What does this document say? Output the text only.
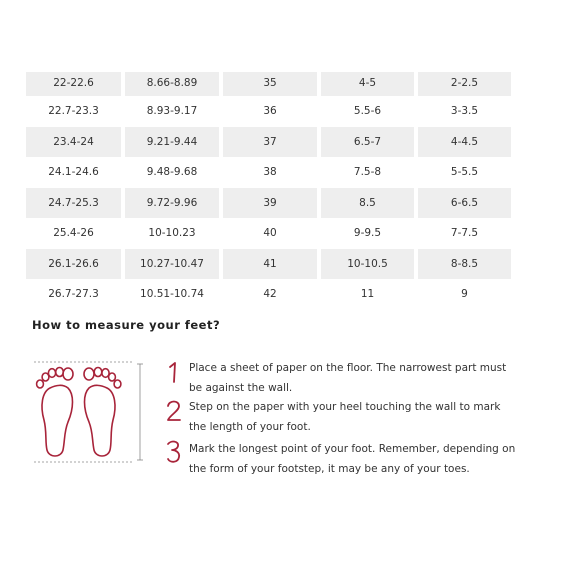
22-22.6	8.66-8.89	35	4-5	2-2.5
22.7-23.3	8.93-9.17	36	5.5-6	3-3.5
23.4-24	9.21-9.44	37	6.5-7	4-4.5
24.1-24.6	9.48-9.68	38	7.5-8	5-5.5
24.7-25.3	9.72-9.96	39	8.5	6-6.5
25.4-26	10-10.23	40	9-9.5	7-7.5
26.1-26.6	10.27-10.47	41	10-10.5	8-8.5
26.7-27.3	10.51-10.74	42	11	9
How to measure your feet?

Place a sheet of paper on the floor. The narrowest part must be against the wall.

Step on the paper with your heel touching the wall to mark the length of your foot.

Mark the longest point of your foot. Remember, depending on the form of your footstep, it may be any of your toes.
